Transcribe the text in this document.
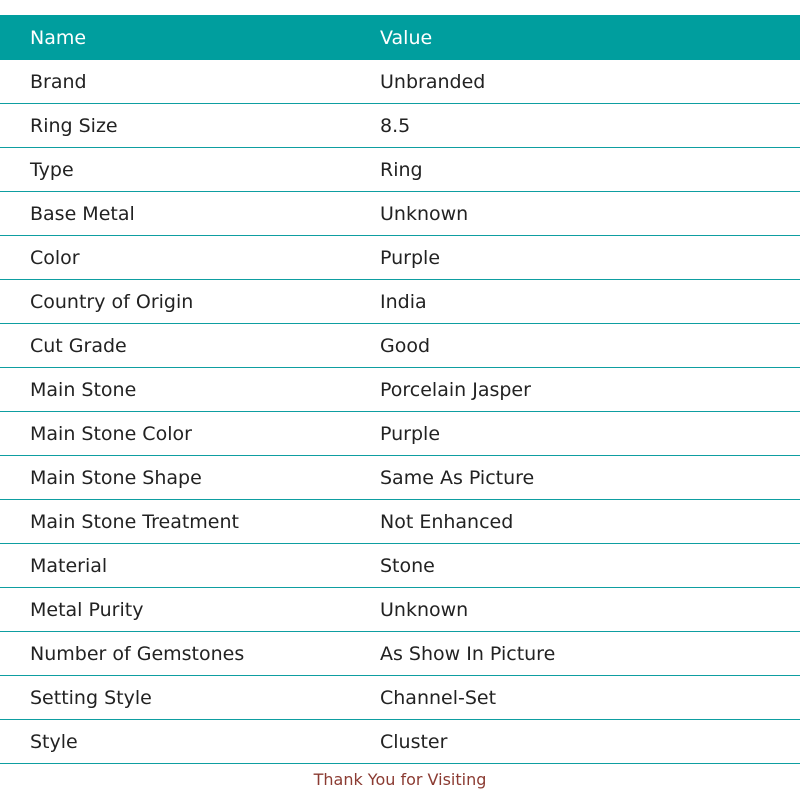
Name	Value
Brand	Unbranded
Ring Size	8.5
Type	Ring
Base Metal	Unknown
Color	Purple
Country of Origin	India
Cut Grade	Good
Main Stone	Porcelain Jasper
Main Stone Color	Purple
Main Stone Shape	Same As Picture
Main Stone Treatment	Not Enhanced
Material	Stone
Metal Purity	Unknown
Number of Gemstones	As Show In Picture
Setting Style	Channel-Set
Style	Cluster
Thank You for Visiting
